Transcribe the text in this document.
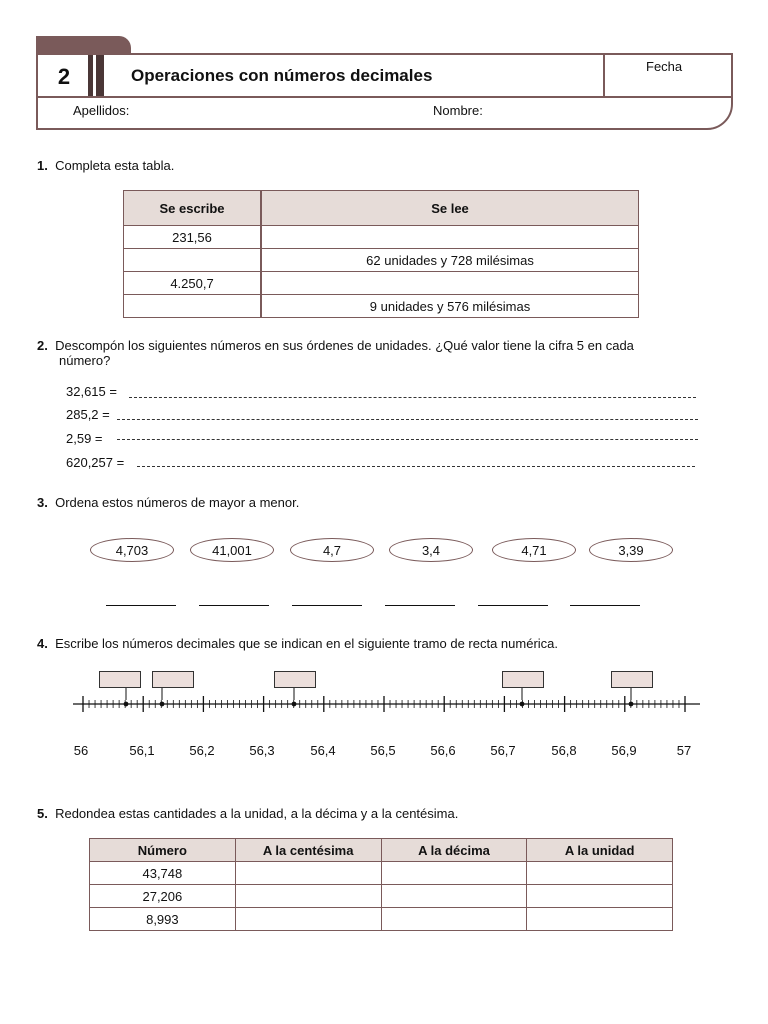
2	Operaciones con números decimales	Fecha
Apellidos:	Nombre:
1. Completa esta tabla.
Se escribe	Se lee
231,56	
	62 unidades y 728 milésimas
4.250,7	
	9 unidades y 576 milésimas
2. Descompón los siguientes números en sus órdenes de unidades. ¿Qué valor tiene la cifra 5 en cada
número?
32,615 =
285,2 =
2,59 =
620,257 =
3. Ordena estos números de mayor a menor.
4,703	41,001	4,7	3,4	4,71	3,39
4. Escribe los números decimales que se indican en el siguiente tramo de recta numérica.
56	56,1	56,2	56,3	56,4	56,5	56,6	56,7	56,8	56,9	57
5. Redondea estas cantidades a la unidad, a la décima y a la centésima.
Número	A la centésima	A la décima	A la unidad
43,748			
27,206			
8,993			
